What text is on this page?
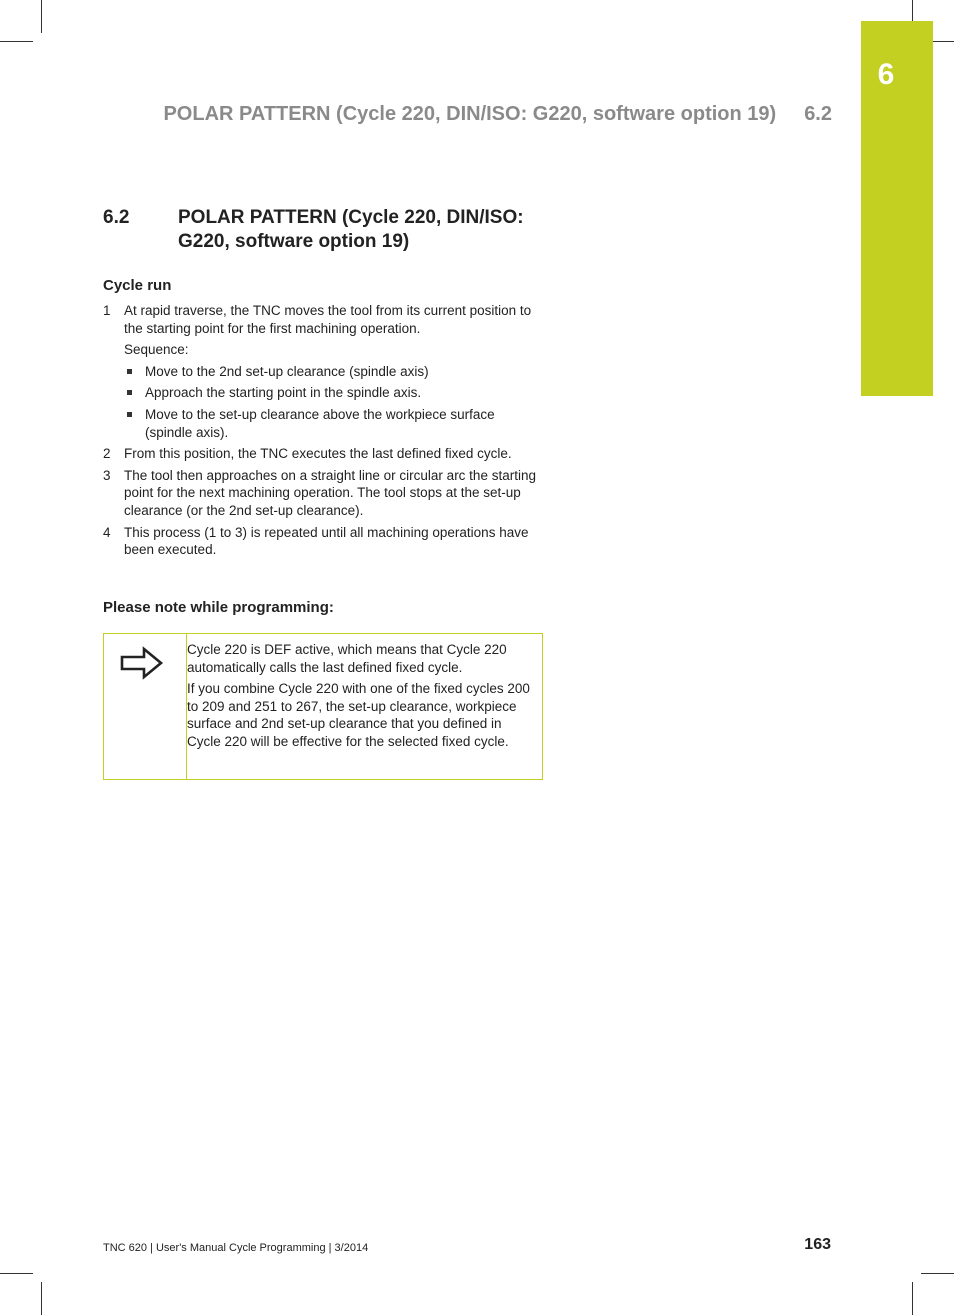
6
POLAR PATTERN (Cycle 220, DIN/ISO: G220, software option 19) 6.2
6.2	POLAR PATTERN (Cycle 220, DIN/ISO: G220, software option 19)
Cycle run
1 At rapid traverse, the TNC moves the tool from its current position to the starting point for the first machining operation.
Sequence:
Move to the 2nd set-up clearance (spindle axis)
Approach the starting point in the spindle axis.
Move to the set-up clearance above the workpiece surface (spindle axis).
2 From this position, the TNC executes the last defined fixed cycle.
3 The tool then approaches on a straight line or circular arc the starting point for the next machining operation. The tool stops at the set-up clearance (or the 2nd set-up clearance).
4 This process (1 to 3) is repeated until all machining operations have been executed.
Please note while programming:

Cycle 220 is DEF active, which means that Cycle 220 automatically calls the last defined fixed cycle.

If you combine Cycle 220 with one of the fixed cycles 200 to 209 and 251 to 267, the set-up clearance, workpiece surface and 2nd set-up clearance that you defined in Cycle 220 will be effective for the selected fixed cycle.

TNC 620 | User's Manual Cycle Programming | 3/2014	163
